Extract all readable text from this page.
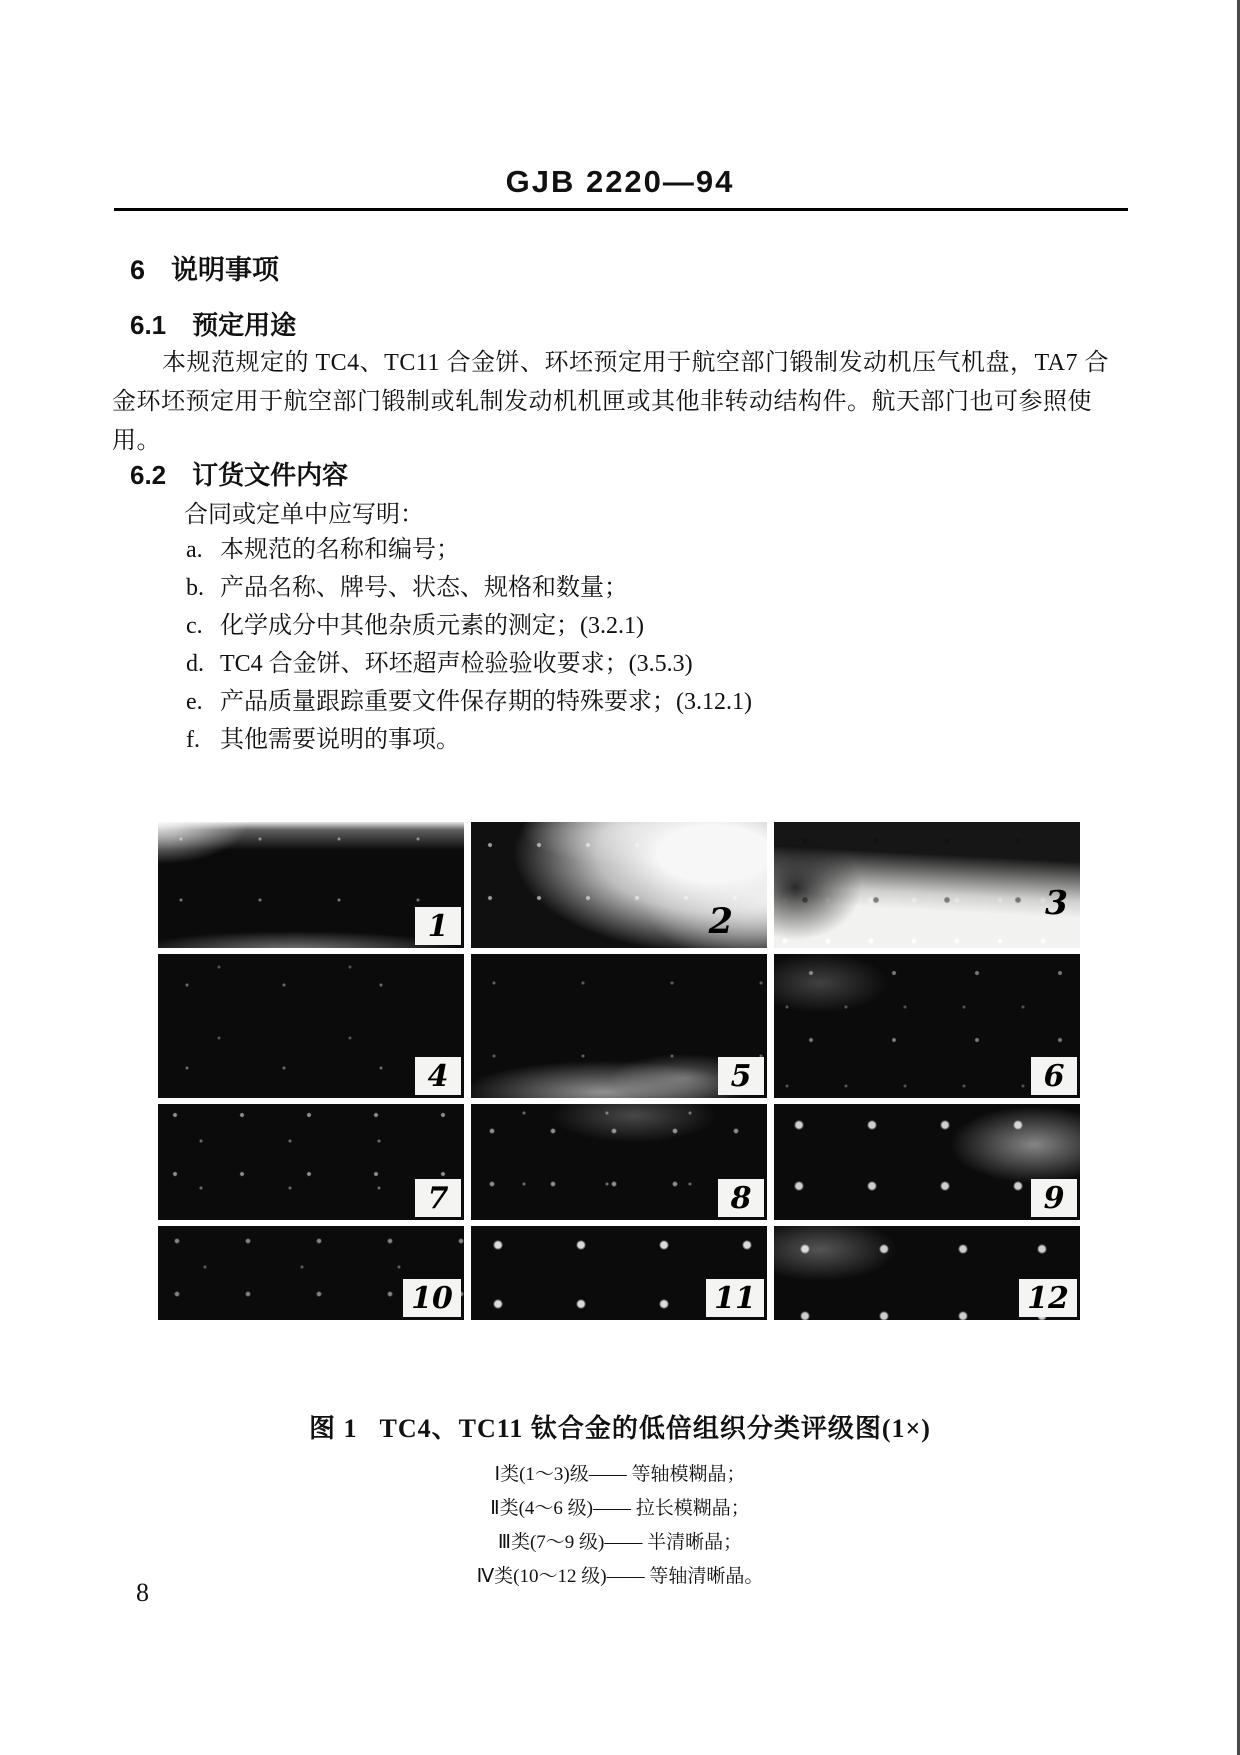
GJB 2220—94
6 说明事项
6.1 预定用途
本规范规定的 TC4、TC11 合金饼、环坯预定用于航空部门锻制发动机压气机盘，TA7 合
金环坯预定用于航空部门锻制或轧制发动机机匣或其他非转动结构件。航天部门也可参照使
用。
6.2 订货文件内容
合同或定单中应写明：
a. 本规范的名称和编号；
b. 产品名称、牌号、状态、规格和数量；
c. 化学成分中其他杂质元素的测定；(3.2.1)
d. TC4 合金饼、环坯超声检验验收要求；(3.5.3)
e. 产品质量跟踪重要文件保存期的特殊要求；(3.12.1)
f. 其他需要说明的事项。
1	2	3
4	5	6
7	8	9
10	11	12
图 1 TC4、TC11 钛合金的低倍组织分类评级图(1×)
Ⅰ类(1～3)级—— 等轴模糊晶；
Ⅱ类(4～6 级)—— 拉长模糊晶；
Ⅲ类(7～9 级)—— 半清晰晶；
Ⅳ类(10～12 级)—— 等轴清晰晶。
8
